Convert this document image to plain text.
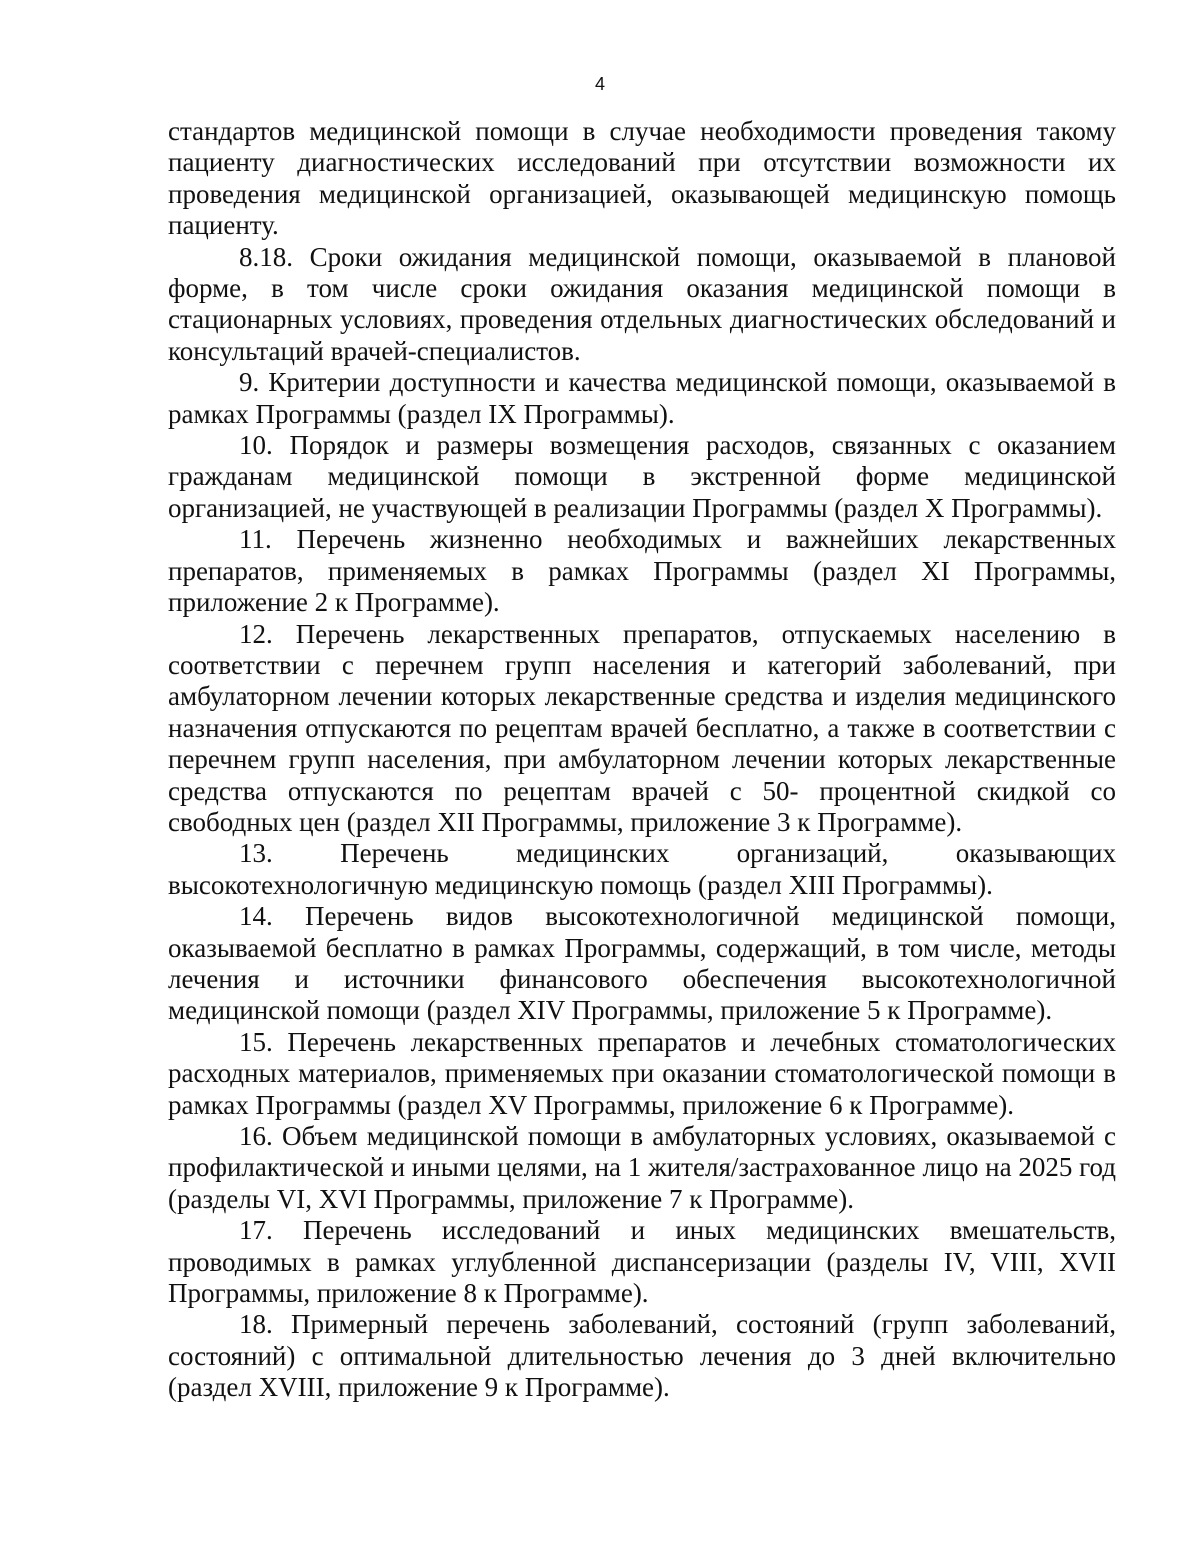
4

стандартов медицинской помощи в случае необходимости проведения такому пациенту диагностических исследований при отсутствии возможности их проведения медицинской организацией, оказывающей медицинскую помощь пациенту.

8.18. Сроки ожидания медицинской помощи, оказываемой в плановой форме, в том числе сроки ожидания оказания медицинской помощи в стационарных условиях, проведения отдельных диагностических обследований и консультаций врачей-специалистов.

9. Критерии доступности и качества медицинской помощи, оказываемой в рамках Программы (раздел IX Программы).

10. Порядок и размеры возмещения расходов, связанных с оказанием гражданам медицинской помощи в экстренной форме медицинской организацией, не участвующей в реализации Программы (раздел X Программы).

11. Перечень жизненно необходимых и важнейших лекарственных препаратов, применяемых в рамках Программы (раздел XI Программы, приложение 2 к Программе).

12. Перечень лекарственных препаратов, отпускаемых населению в соответствии с перечнем групп населения и категорий заболеваний, при амбулаторном лечении которых лекарственные средства и изделия медицинского назначения отпускаются по рецептам врачей бесплатно, а также в соответствии с перечнем групп населения, при амбулаторном лечении которых лекарственные средства отпускаются по рецептам врачей с 50- процентной скидкой со свободных цен (раздел XII Программы, приложение 3 к Программе).

13. Перечень медицинских организаций, оказывающих высокотехнологичную медицинскую помощь (раздел XIII Программы).

14. Перечень видов высокотехнологичной медицинской помощи, оказываемой бесплатно в рамках Программы, содержащий, в том числе, методы лечения и источники финансового обеспечения высокотехнологичной медицинской помощи (раздел XIV Программы, приложение 5 к Программе).

15. Перечень лекарственных препаратов и лечебных стоматологических расходных материалов, применяемых при оказании стоматологической помощи в рамках Программы (раздел XV Программы, приложение 6 к Программе).

16. Объем медицинской помощи в амбулаторных условиях, оказываемой с профилактической и иными целями, на 1 жителя/застрахованное лицо на 2025 год (разделы VI, XVI Программы, приложение 7 к Программе).

17. Перечень исследований и иных медицинских вмешательств, проводимых в рамках углубленной диспансеризации (разделы IV, VIII, XVII Программы, приложение 8 к Программе).

18. Примерный перечень заболеваний, состояний (групп заболеваний, состояний) с оптимальной длительностью лечения до 3 дней включительно (раздел XVIII, приложение 9 к Программе).
